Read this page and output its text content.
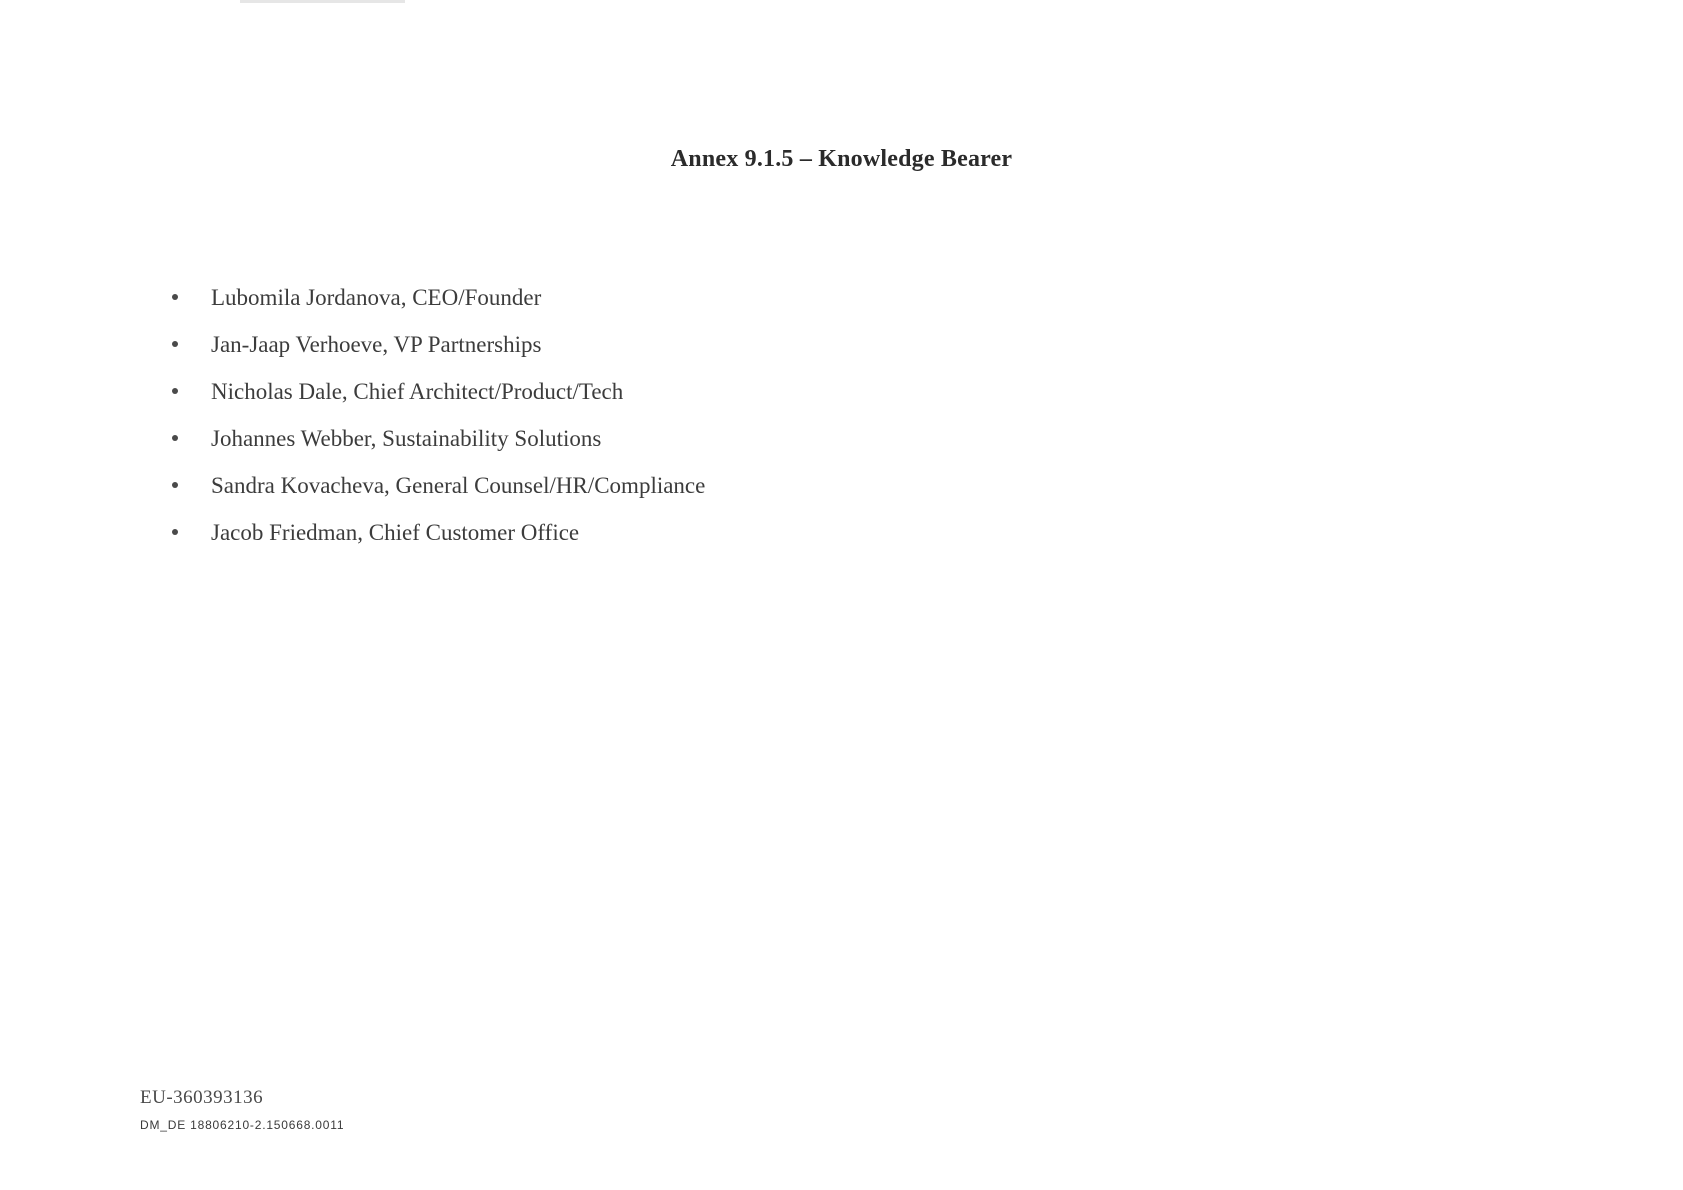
Annex 9.1.5 – Knowledge Bearer
Lubomila Jordanova, CEO/Founder
Jan-Jaap Verhoeve, VP Partnerships
Nicholas Dale, Chief Architect/Product/Tech
Johannes Webber, Sustainability Solutions
Sandra Kovacheva, General Counsel/HR/Compliance
Jacob Friedman, Chief Customer Office
EU-360393136
DM_DE 18806210-2.150668.0011
